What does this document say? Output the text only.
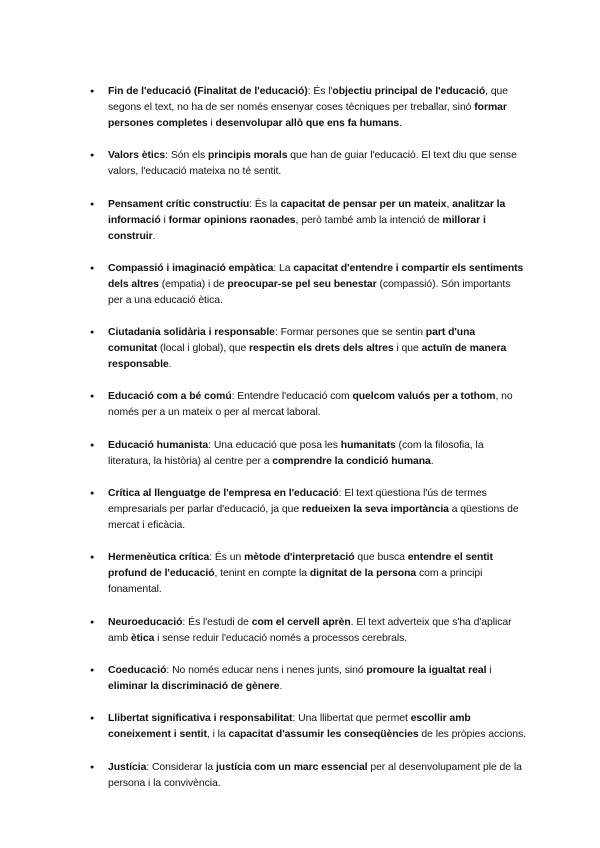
● Fin de l'educació (Finalitat de l'educació): És l'objectiu principal de l'educació, que segons el text, no ha de ser només ensenyar coses tècniques per treballar, sinó formar persones completes i desenvolupar allò que ens fa humans.
● Valors ètics: Són els principis morals que han de guiar l'educació. El text diu que sense valors, l'educació mateixa no té sentit.
● Pensament crític constructiu: És la capacitat de pensar per un mateix, analitzar la informació i formar opinions raonades, però també amb la intenció de millorar i construir.
● Compassió i imaginació empàtica: La capacitat d'entendre i compartir els sentiments dels altres (empatia) i de preocupar-se pel seu benestar (compassió). Són importants per a una educació ètica.
● Ciutadania solidària i responsable: Formar persones que se sentin part d'una comunitat (local i global), que respectin els drets dels altres i que actuïn de manera responsable.
● Educació com a bé comú: Entendre l'educació com quelcom valuós per a tothom, no només per a un mateix o per al mercat laboral.
● Educació humanista: Una educació que posa les humanitats (com la filosofia, la literatura, la història) al centre per a comprendre la condició humana.
● Crítica al llenguatge de l'empresa en l'educació: El text qüestiona l'ús de termes empresarials per parlar d'educació, ja que redueixen la seva importància a qüestions de mercat i eficàcia.
● Hermenèutica crítica: És un mètode d'interpretació que busca entendre el sentit profund de l'educació, tenint en compte la dignitat de la persona com a principi fonamental.
● Neuroeducació: És l'estudi de com el cervell aprèn. El text adverteix que s'ha d'aplicar amb ètica i sense reduir l'educació només a processos cerebrals.
● Coeducació: No només educar nens i nenes junts, sinó promoure la igualtat real i eliminar la discriminació de gènere.
● Llibertat significativa i responsabilitat: Una llibertat que permet escollir amb coneixement i sentit, i la capacitat d'assumir les conseqüències de les pròpies accions.
● Justícia: Considerar la justícia com un marc essencial per al desenvolupament ple de la persona i la convivència.
